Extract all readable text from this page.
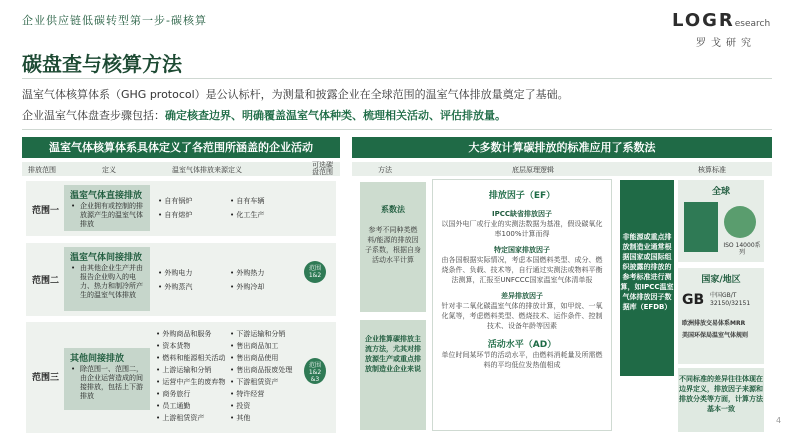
企业供应链低碳转型第一步-碳核算
碳盘查与核算方法
LOGResearch
罗戈研究
温室气体核算体系（GHG protocol）是公认标杆，为测量和披露企业在全球范围的温室气体排放量奠定了基础。
企业温室气体盘查步骤包括：确定核查边界、明确覆盖温室气体种类、梳理相关活动、评估排放量。
温室气体核算体系具体定义了各范围所涵盖的企业活动
排放范围	定义	温室气体排放来源定义
可选碳盘范围
范围一
温室气体直接排放
• 企业拥有或控制的排放源产生的温室气体排放
• 自有锅炉	• 自有车辆
• 自有熔炉	• 化工生产
范围二
温室气体间接排放
• 由其他企业生产并由报告企业购入的电力、热力和制冷所产生的温室气体排放
• 外购电力	• 外购热力
• 外购蒸汽	• 外购冷却
范围 1&2
范围三
其他间接排放
• 除范围一、范围二，由企业运营造成的间接排放，包括上下游排放
• 外购商品和服务	• 下游运输和分销
• 资本货物	• 售出商品加工
• 燃料和能源相关活动	• 售出商品使用
• 上游运输和分销	• 售出商品报废处理
• 运营中产生的废弃物	• 下游租赁资产
• 商务旅行	• 特许经营
• 员工通勤	• 投资
• 上游租赁资产	• 其他
范围 1&2 &3
大多数计算碳排放的标准应用了系数法
方法	底层原理逻辑	核算标准
系数法
参考不同种类燃料/能源的排放因子系数，根据自身活动水平计算
企业推算碳排放主流方法，尤其对排放源生产或重点排放制造业企业来说
排放因子（EF）
IPCC缺省排放因子
以国外电厂或行业的实测法数据为基准，假设碳氧化率100%计算而得
特定国家排放因子
由各国根据实际情况，考虑本国燃料类型、成分、燃烧条件、负载、技术等，自行通过实测法或物料平衡法测算，汇报至UNFCCC国家温室气体清单报
差异排放因子
针对非二氧化碳温室气体的排放计算，如甲烷、一氧化氮等，考虑燃料类型、燃烧技术、运作条件、控制技术、设备年龄等因素
活动水平（AD）
单位时间某环节的活动水平，由燃料消耗量及所需燃料的平均低位发热值相成
非能源或重点排放制造业通常根据国家或国际组织披露的排放的参考标准进行测算，如IPCC温室气体排放因子数据库（EFDB）
全球
ISO 14000系列
国家/地区
GB 中国GB/T 32150/32151
欧洲排放交易体系MRR
美国环保局温室气体规则
不同标准的差异往往体现在边界定义，排放因子来源和排放分类等方面，计算方法基本一致
4
